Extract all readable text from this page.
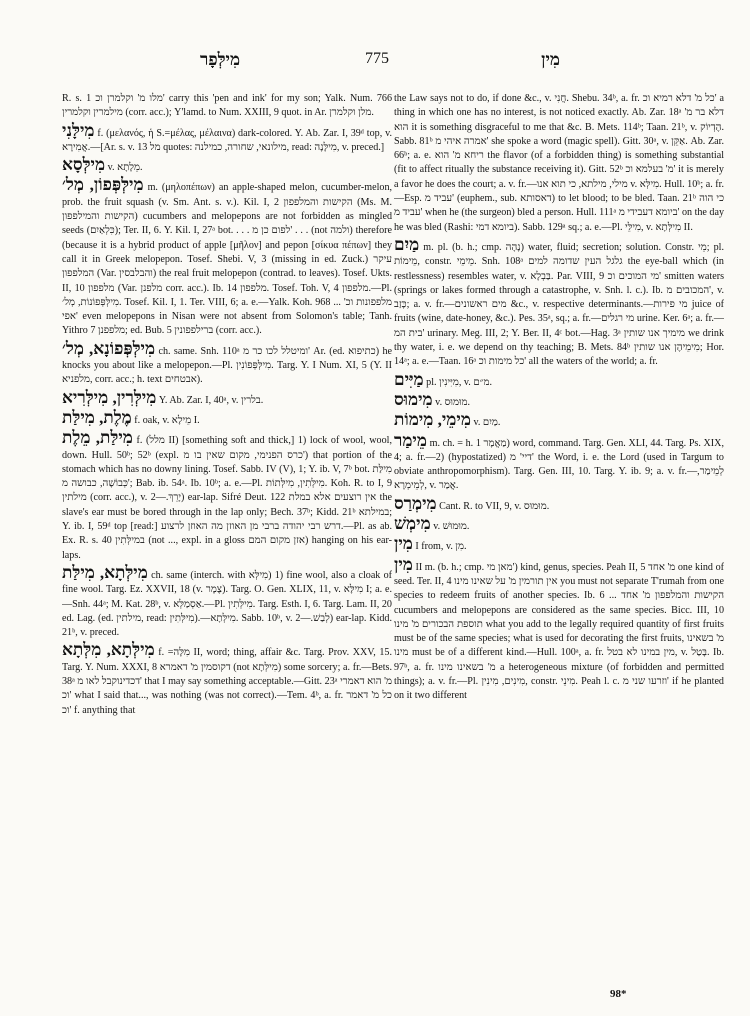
מִילְּפָר	775	מִין

R. s. 1 מלו מ' וקלמרן וכ' carry this 'pen and ink' for my son; Yalk. Num. 766 מילמרין וקלמרין (corr. acc.); Y'lamd. to Num. XXIII, 9 quot. in Ar. מלן וקלמרן.

מִילָּנִי f. (μελανός, ἡ S.=μέλας, μέλαινα) dark-colored. Y. Ab. Zar. I, 39ᵈ top, v. אֲמִירָא.—[Ar. s. v. מל 13 quotes: מילונאי, שחורה, כמילנה, read: מִילָּנָה, v. preced.]

מִילְּסָא v. מֵלָתָא.

מִילְּפְּפוֹן, מְל׳ m. (μηλοπέπων) an apple-shaped melon, cucumber-melon, prob. the fruit squash (v. Sm. Ant. s. v.). Kil. I, 2 הקישות והמלפפון (Ms. M. הקישות והמילפפון) cucumbers and melopepons are not forbidden as mingled seeds (כִּלְאַיִם); Ter. II, 6. Y. Kil. I, 27ᵃ bot. . . . לפום כן מ' . . . (not ולמה) therefore (because it is a hybrid product of apple [μῆλον] and pepon [σίκυα πέπων] they call it in Greek melopepon. Tosef. Shebi. V, 3 (missing in ed. Zuck.) עיקר המלפפון (Var. והבלבסין) the real fruit melopepon (contrad. to leaves). Tosef. Ukts. II, 10 מלפפון (Var. מלפנן corr. acc.). Ib. 14 מלפפון. Tosef. Toh. V, 4 מלפפון.—Pl. מִילְּפְּפוֹנוֹת, מְל׳. Tosef. Kil. I, 1. Ter. VIII, 6; a. e.—Yalk. Koh. 968 ... מלפפונות וכ' אפי' even melopepons in Nisan were not absent from Solomon's table; Tanh. Yithro 7 מלפפנן; ed. Bub. 5 ברילפפונין (corr. acc.).

מִילְּפְּפוֹנָא, מְל׳ ch. same. Snh. 110ᵃ ומיטלל לכו כר מ' Ar. (ed. כתיפוא) he knocks you about like a melopepon.—Pl. מִילְּפְּפוֹנִין. Targ. Y. I Num. XI, 5 (Y. II מלפניא, corr. acc.; h. text אבטחים).

מִילְּרִין, מִילְּרִיא Y. Ab. Zar. I, 40ᵃ, v. בלרין.

מֶלֶת, מִילַּת f. oak, v. מֵילָא I.

מִילַּת, מֵלֶת f. (מלל II) [something soft and thick,] 1) lock of wool, wool, down. Hull. 50ᵇ; 52ᵇ (expl. כרס הפנימי, מקום שאין בו מ') that portion of the stomach which has no downy lining. Tosef. Sabb. IV (V), 1; Y. ib. V, 7ᵇ bot. מִילַּת כְּבוֹשָׁה, כבושה מ'; Bab. ib. 54ᵃ. Ib. 10ᵇ; a. e.—Pl. מִילְּתִין, מִילְּתוֹת. Koh. R. to I, 9 מילתין (corr. acc.), v. יָרֵךְ.—2) ear-lap. Sifré Deut. 122 אין רוצעים אלא במלת the slave's ear must be bored through in the lap only; Bech. 37ᵇ; Kidd. 21ᵇ במילתא; Y. ib. I, 59ᵈ top [read:] דרש רבי יהודה ברבי מן האוזן מה האוזן לרצוע.—Pl. as ab. Ex. R. s. 40 במילְּתִין (not ..., expl. in a gloss אזן מקום המם) hanging on his ear-laps.

מִילְּתָא, מִילַּת ch. same (interch. with מִילְּא) 1) fine wool, also a cloak of fine wool. Targ. Ez. XXVII, 18 (v. צֶמֶר). Targ. O. Gen. XLIX, 11, v. מִילָּא I; a. e.—Snh. 44ᵃ; M. Kat. 28ᵇ, v. אַסְמַלְּא.—Pl. מִילְּתִין. Targ. Esth. I, 6. Targ. Lam. II, 20 ed. Lag. (ed. מילתין, read: מִילְּתִין).—מִילְּתָא. Sabb. 10ᵇ, v. לְבַשׁ.—2) ear-lap. Kidd. 21ᵇ, v. preced.

מִילְּתָא, מִלְּתָא f. =מִלָּה II, word; thing, affair &c. Targ. Prov. XXV, 15. Targ. Y. Num. XXXI, 8 דקוסמין מ' דאמרא (not מִילְּתָא) some sorcery; a. fr.—Bets. 38ᵃ דכדינוקבל לאו מ' that I may say something acceptable.—Gitt. 23ᵃ מ' הוא דאמרי וכ' what I said that..., was nothing (was not correct).—Tem. 4ᵇ, a. fr. כל מ' דאמר וכ' f. anything that

the Law says not to do, if done &c., v. חֲנִי. Shebu. 34ᵇ, a. fr. כל מ' דלא רמיא וכ' a thing in which one has no interest, is not noticed exactly. Ab. Zar. 18ᵃ דלא בר מ' הוא it is something disgraceful to me that &c. B. Mets. 114ᵇ; Taan. 21ᵇ, v. הֶדְיוֹק. Sabb. 81ᵇ אמרה איהי מ' she spoke a word (magic spell). Gitt. 30ᵃ, v. אַקֵּן. Ab. Zar. 66ᵇ; a. e. ריחא מ' הוא the flavor (of a forbidden thing) is something substantial (fit to affect ritually the substance receiving it). Gitt. 52ᵇ מ' בעלמא וכ' it is merely a favor he does the court; a. v. fr.—מילי, מילתא, כי תוא אנו v. מִילְּא. Hull. 10ᵇ; a. fr.—Esp. עביד מ' (euphem., sub. דאסותא) to let blood; to be bled. Taan. 21ᵇ כי הוה עביד מ' when he (the surgeon) bled a person. Hull. 111ᵃ ביומא דעבידי מ' on the day he was bled (Rashi: ביומא דמי). Sabb. 129ᵃ sq.; a. e.—Pl. מִילֵּי, v. מִילְּתָא II.

מַיִם m. pl. (b. h.; cmp. נָהָה) water, fluid; secretion; solution. Constr. מֵי; pl. מֵימוֹת, constr. מֵימֵי. Snh. 108ᵃ גלגל העין שדומה למים the eye-ball which (in restlessness) resembles water, v. בַּבְלָא. Par. VIII, 9 מי המוכים וכ' smitten waters (springs or lakes formed through a catastrophe, v. Snh. l. c.). Ib. המכובים מ', v. כָּזַב; a. v. fr.—מים ראשונים &c., v. respective determinants.—מי פירות juice of fruits (wine, date-honey, &c.). Pes. 35ᵃ, sq.; a. fr.—מי רגלים urine. Ker. 6ᵃ; a. fr.—בית המ' urinary. Meg. III, 2; Y. Ber. II, 4ᶜ bot.—Hag. 3ᵃ מימיך אנו שותין we drink thy water, i. e. we depend on thy teaching; B. Mets. 84ᵇ מִימֵיהֶן אנו שותין; Hor. 14ᵃ; a. e.—Taan. 16ᵃ כל מימות וכ' all the waters of the world; a. fr.

מַיִּים pl. מִיִּינִין, v. מ״ם.

מִימוּס v. מוּמוּס.

מִימֵי, מִימוֹת v. מַיִם.

מֵימַר m. ch. = h. מַאֲמָר 1) word, command. Targ. Gen. XLI, 44. Targ. Ps. XIX, 4; a. fr.—2) (hypostatized) דיי' מ' the Word, i. e. the Lord (used in Targum to obviate anthropomorphism). Targ. Gen. III, 10. Targ. Y. ib. 9; a. v. fr.—לְמֵימַר, לְמֵימְרָא, v. אֲמַר.

מִימְרַס Cant. R. to VII, 9, v. מוּמוּס.

מִימְשׁ v. מוּמוּשׁ.

מִין I from, v. מִן.

מִין II m. (b. h.; cmp. מאן מי') kind, genus, species. Peah II, 5 מ' אחד one kind of seed. Ter. II, 4 אין תורמין מ' על שאינו מינו you must not separate T'rumah from one species to redeem fruits of another species. Ib. 6 ... הקישות והמלפפון מ' אחד cucumbers and melopepons are considered as the same species. Bicc. III, 10 תוספת הבכורים מ' מינו what you add to the legally required quantity of first fruits must be of the same species; what is used for decorating the first fruits, מ' בשאינו מינו must be of a different kind.—Hull. 100ᵃ, a. fr. מין במינו לא בטל, v. בָּטַל. Ib. 97ᵇ, a. fr. מ' בשאינו מינו a heterogeneous mixture (of forbidden and permitted things); a. v. fr.—Pl. מִינִים, מִינִין, constr. מִינֵי. Peah l. c. וזרעו שני מ' if he planted on it two different

98*
